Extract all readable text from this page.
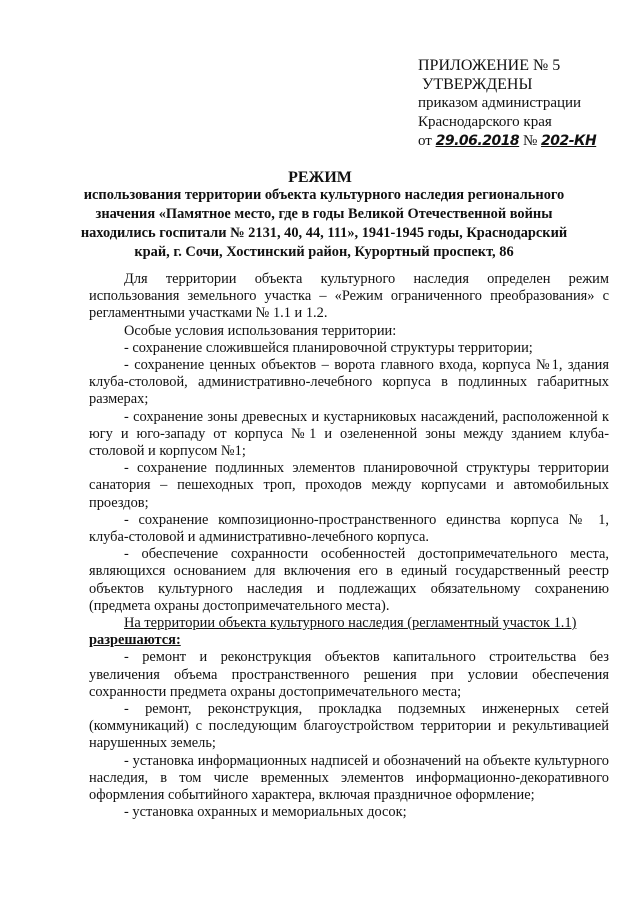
ПРИЛОЖЕНИЕ № 5
УТВЕРЖДЕНЫ
приказом администрации
Краснодарского края
от 29.06.2018 № 202-КН
РЕЖИМ
использования территории объекта культурного наследия регионального значения «Памятное место, где в годы Великой Отечественной войны находились госпитали № 2131, 40, 44, 111», 1941-1945 годы, Краснодарский край, г. Сочи, Хостинский район, Курортный проспект, 86

Для территории объекта культурного наследия определен режим использования земельного участка – «Режим ограниченного преобразования» с регламентными участками № 1.1 и 1.2.

Особые условия использования территории:

- сохранение сложившейся планировочной структуры территории;

- сохранение ценных объектов – ворота главного входа, корпуса №1, здания клуба-столовой, административно-лечебного корпуса в подлинных габаритных размерах;

- сохранение зоны древесных и кустарниковых насаждений, расположенной к югу и юго-западу от корпуса №1 и озелененной зоны между зданием клуба-столовой и корпусом №1;

- сохранение подлинных элементов планировочной структуры территории санатория – пешеходных троп, проходов между корпусами и автомобильных проездов;

- сохранение композиционно-пространственного единства корпуса № 1, клуба-столовой и административно-лечебного корпуса.

- обеспечение сохранности особенностей достопримечательного места, являющихся основанием для включения его в единый государственный реестр объектов культурного наследия и подлежащих обязательному сохранению (предмета охраны достопримечательного места).

На территории объекта культурного наследия (регламентный участок 1.1)

разрешаются:

- ремонт и реконструкция объектов капитального строительства без увеличения объема пространственного решения при условии обеспечения сохранности предмета охраны достопримечательного места;

- ремонт, реконструкция, прокладка подземных инженерных сетей (коммуникаций) с последующим благоустройством территории и рекультивацией нарушенных земель;

- установка информационных надписей и обозначений на объекте культурного наследия, в том числе временных элементов информационно-декоративного оформления событийного характера, включая праздничное оформление;

- установка охранных и мемориальных досок;
